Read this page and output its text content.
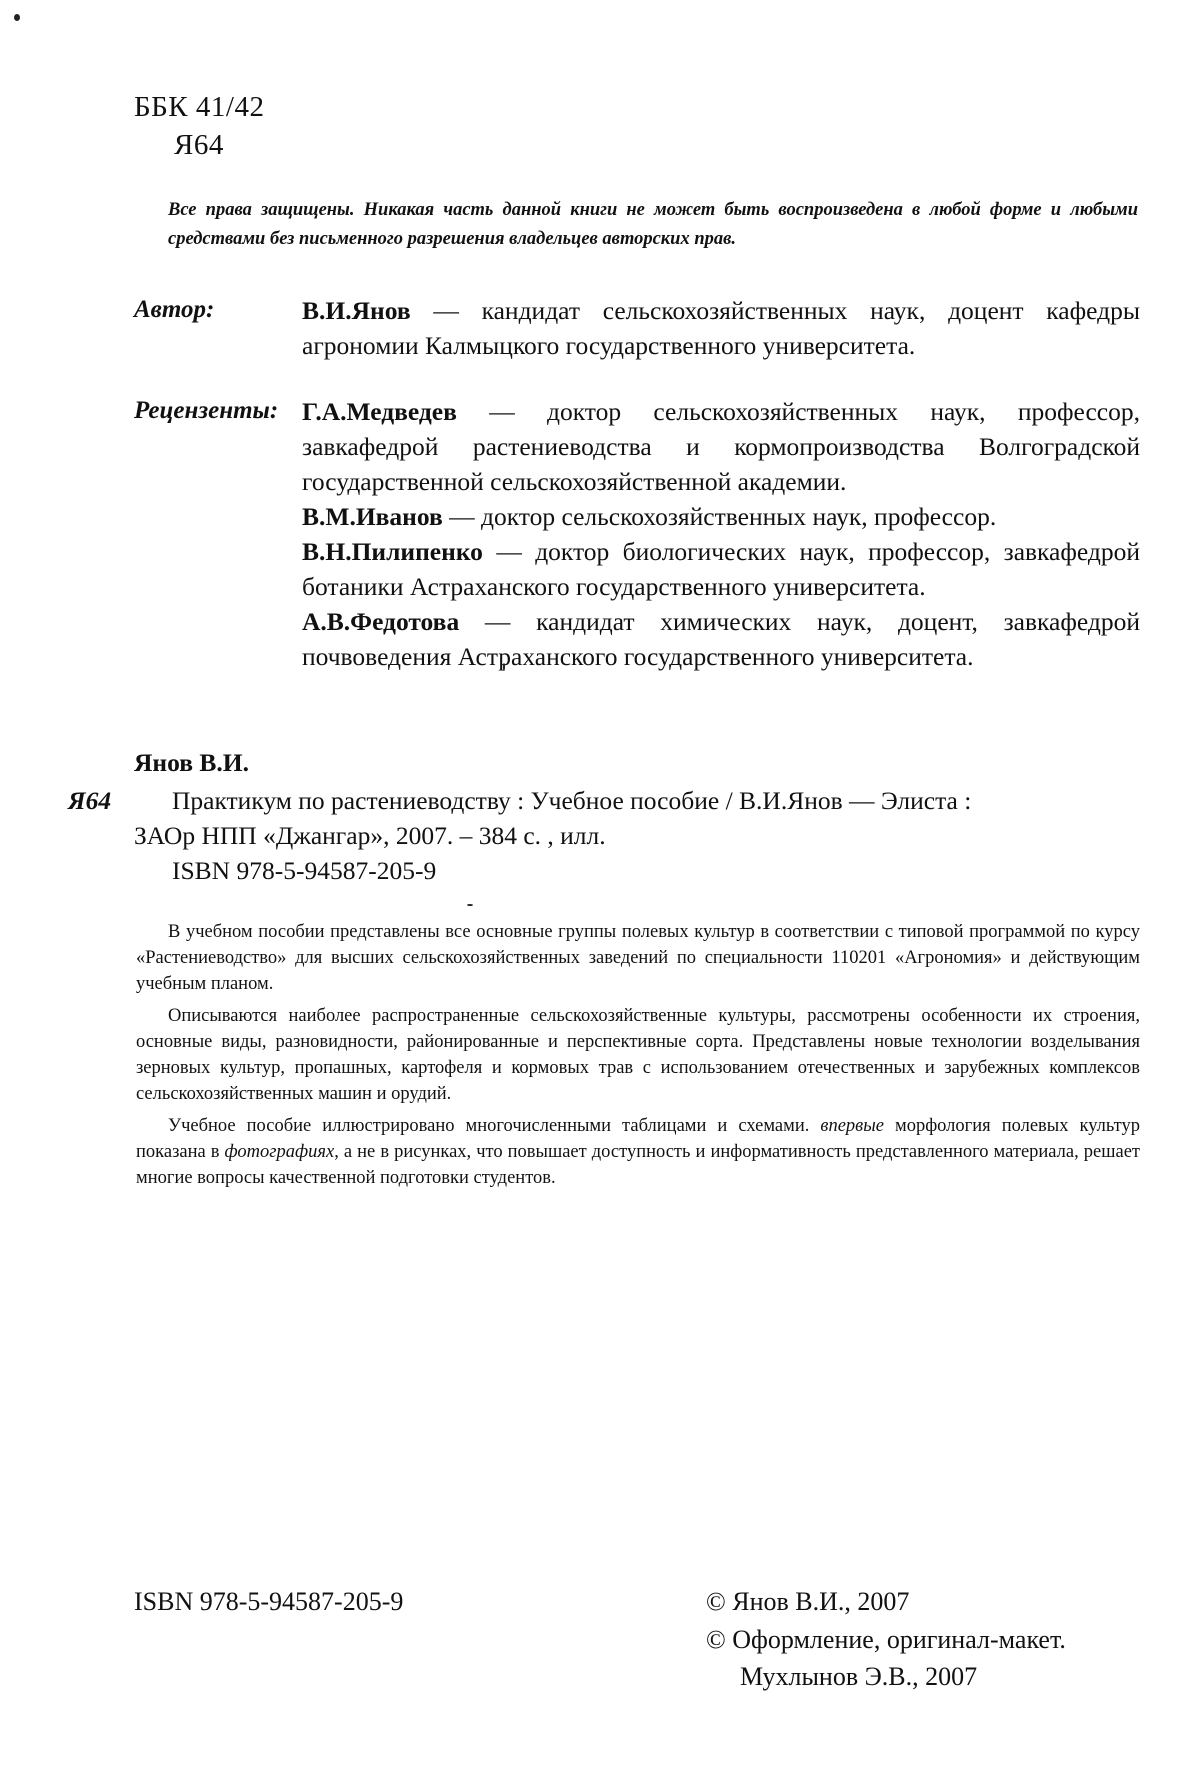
ББК 41/42
Я64
Все права защищены. Никакая часть данной книги не может быть воспроизведена в любой форме и любыми средствами без письменного разрешения владельцев авторских прав.
Автор:	В.И.Янов — кандидат сельскохозяйственных наук, доцент кафедры агрономии Калмыцкого государственного университета.
Рецензенты: Г.А.Медведев — доктор сельскохозяйственных наук, профессор, завкафедрой растениеводства и кормопроизводства Волгоградской государственной сельскохозяйственной академии.

В.М.Иванов — доктор сельскохозяйственных наук, профессор.

В.Н.Пилипенко — доктор биологических наук, профессор, завкафедрой ботаники Астраханского государственного университета.

А.В.Федотова — кандидат химических наук, доцент, завкафедрой почвоведения Астраханского государственного университета.

Янов В.И.
Я64 Практикум по растениеводству : Учебное пособие / В.И.Янов — Элиста :
ЗАОр НПП «Джангар», 2007. – 384 с. , илл.
ISBN 978-5-94587-205-9

В учебном пособии представлены все основные группы полевых культур в соответствии с типовой программой по курсу «Растениеводство» для высших сельскохозяйственных заведений по специальности 110201 «Агрономия» и действующим учебным планом.

Описываются наиболее распространенные сельскохозяйственные культуры, рассмотрены особенности их строения, основные виды, разновидности, районированные и перспективные сорта. Представлены новые технологии возделывания зерновых культур, пропашных, картофеля и кормовых трав с использованием отечественных и зарубежных комплексов сельскохозяйственных машин и орудий.

Учебное пособие иллюстрировано многочисленными таблицами и схемами. впервые морфология полевых культур показана в фотографиях, а не в рисунках, что повышает доступность и информативность представленного материала, решает многие вопросы качественной подготовки студентов.

ISBN 978-5-94587-205-9	© Янов В.И., 2007
© Оформление, оригинал-макет.
Мухлынов Э.В., 2007
